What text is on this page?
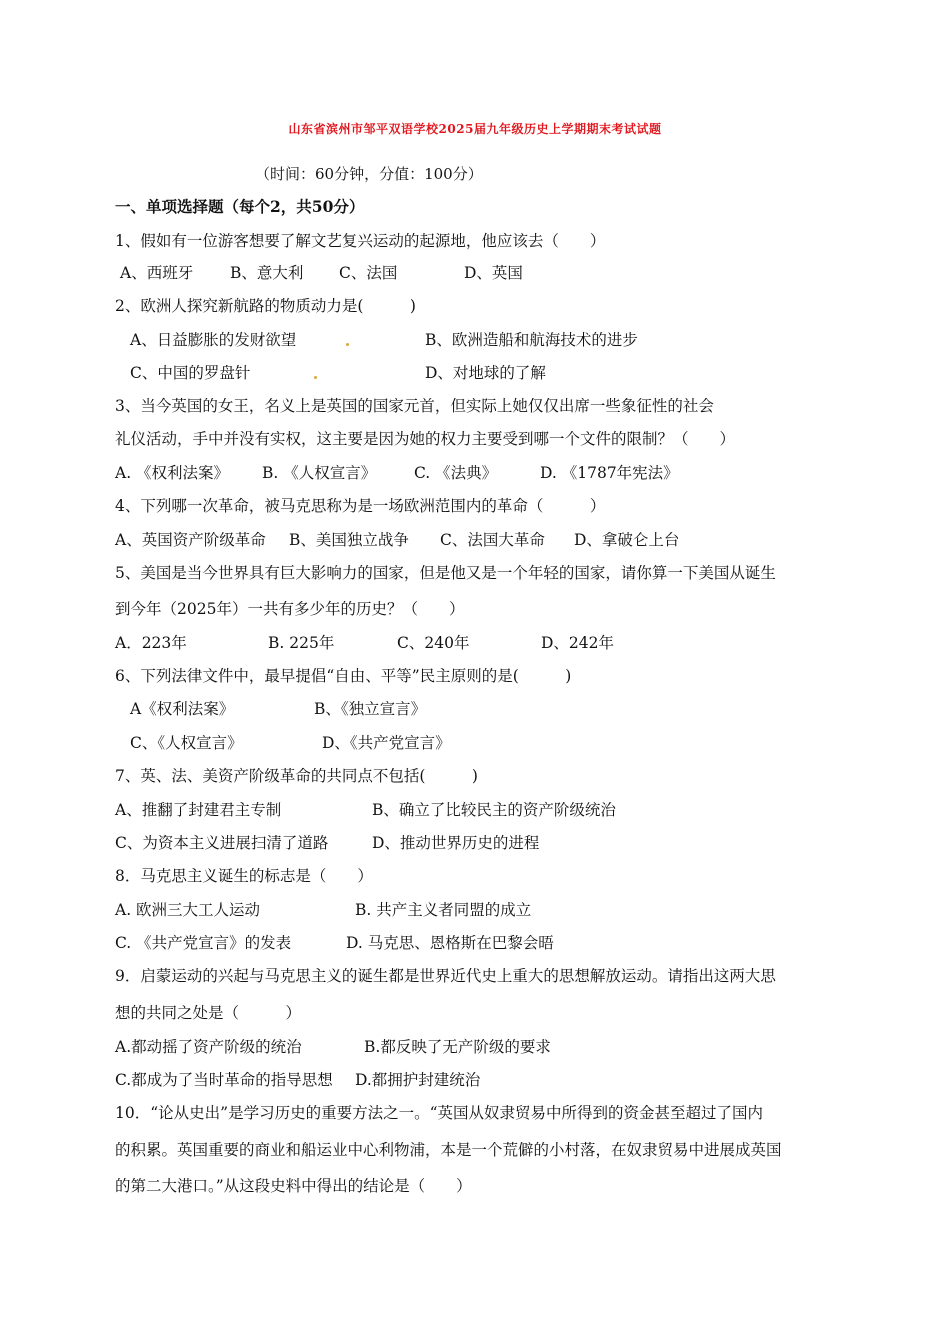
山东省滨州市邹平双语学校2025届九年级历史上学期期末考试试题
（时间：60分钟，分值：100分）
一、单项选择题（每个2，共50分）
1、假如有一位游客想要了解文艺复兴运动的起源地，他应该去（　　）
A、西班牙 B、意大利 C、法国	D、英国
2、欧洲人探究新航路的物质动力是(　　　)
A、日益膨胀的发财欲望	B、欧洲造船和航海技术的进步
C、中国的罗盘针	D、对地球的了解
3、当今英国的女王，名义上是英国的国家元首，但实际上她仅仅出席一些象征性的社会
礼仪活动，手中并没有实权，这主要是因为她的权力主要受到哪一个文件的限制？（　　）
A. 《权利法案》 B. 《人权宣言》 C. 《法典》	D. 《1787年宪法》
4、下列哪一次革命，被马克思称为是一场欧洲范围内的革命（　　　）
A、英国资产阶级革命 B、美国独立战争 C、法国大革命 D、拿破仑上台
5、美国是当今世界具有巨大影响力的国家，但是他又是一个年轻的国家，请你算一下美国从诞生
到今年（2025年）一共有多少年的历史？（　　）
A．223年	B. 225年	C、240年	D、242年
6、下列法律文件中，最早提倡“自由、平等”民主原则的是(　　　)
A《权利法案》	B、《独立宣言》
C、《人权宣言》	D、《共产党宣言》
7、英、法、美资产阶级革命的共同点不包括(　　　)
A、推翻了封建君主专制	B、确立了比较民主的资产阶级统治
C、为资本主义进展扫清了道路	D、推动世界历史的进程
8．马克思主义诞生的标志是（　　）
A. 欧洲三大工人运动	B. 共产主义者同盟的成立
C. 《共产党宣言》的发表	D. 马克思、恩格斯在巴黎会晤
9．启蒙运动的兴起与马克思主义的诞生都是世界近代史上重大的思想解放运动。请指出这两大思
想的共同之处是（　　　）
A.都动摇了资产阶级的统治	B.都反映了无产阶级的要求
C.都成为了当时革命的指导思想 D.都拥护封建统治
10．“论从史出”是学习历史的重要方法之一。“英国从奴隶贸易中所得到的资金甚至超过了国内
的积累。英国重要的商业和船运业中心利物浦，本是一个荒僻的小村落，在奴隶贸易中进展成英国
的第二大港口。”从这段史料中得出的结论是（　　）
